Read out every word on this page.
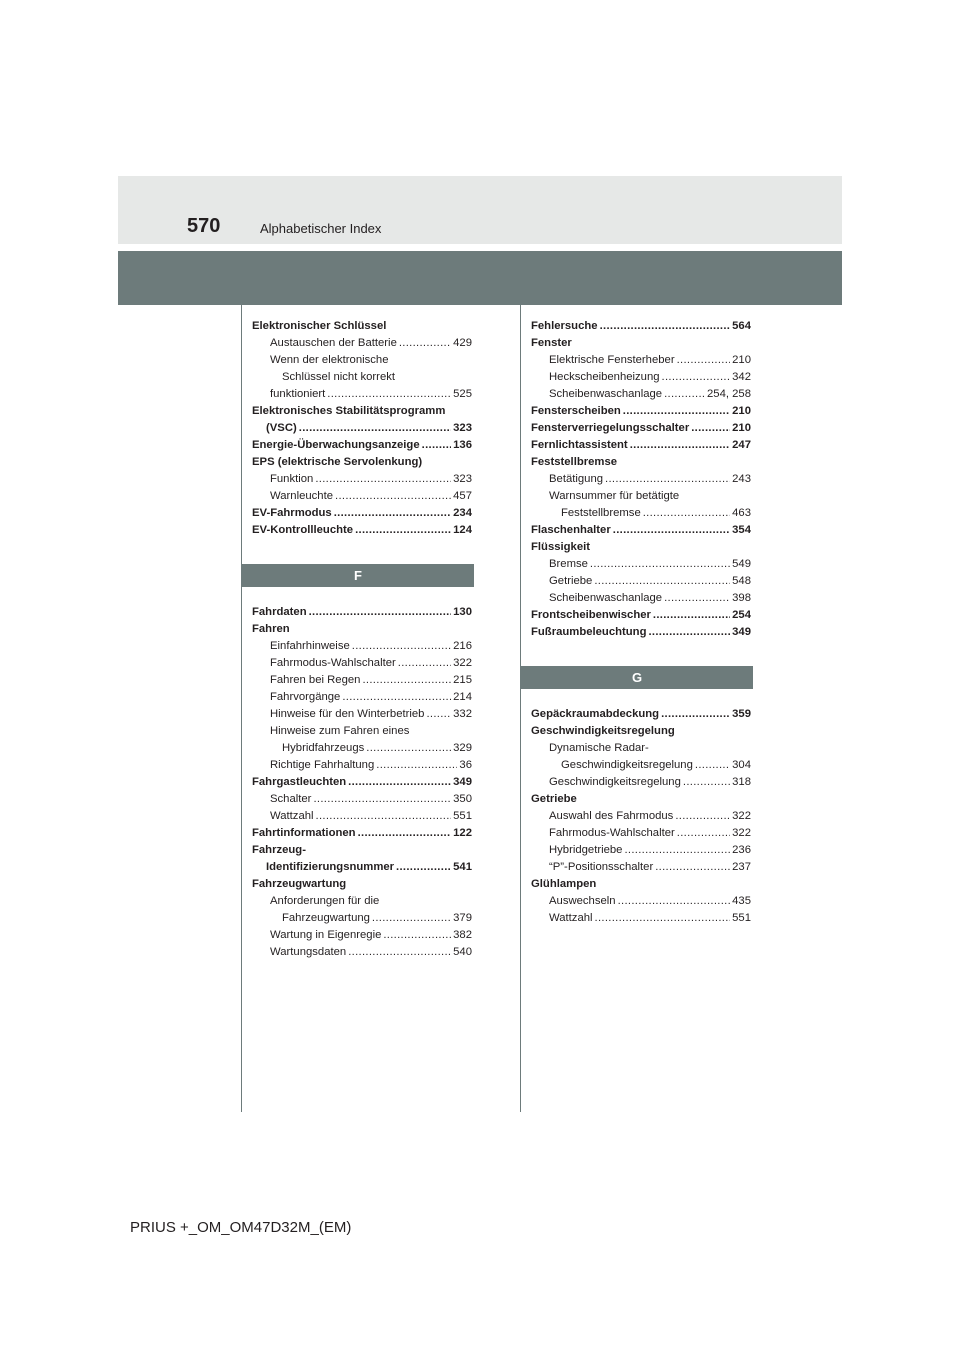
570	Alphabetischer Index
Elektronischer Schlüssel
Austauschen der Batterie .....	429
Wenn der elektronische
Schlüssel nicht korrekt
funktioniert .....	525
Elektronisches Stabilitätsprogramm
(VSC) .....	323
Energie-Überwachungsanzeige .....	136
EPS (elektrische Servolenkung)
Funktion .....	323
Warnleuchte .....	457
EV-Fahrmodus .....	234
EV-Kontrollleuchte .....	124
F
Fahrdaten .....	130
Fahren
Einfahrhinweise .....	216
Fahrmodus-Wahlschalter .....	322
Fahren bei Regen .....	215
Fahrvorgänge .....	214
Hinweise für den Winterbetrieb .....	332
Hinweise zum Fahren eines
Hybridfahrzeugs .....	329
Richtige Fahrhaltung .....	36
Fahrgastleuchten .....	349
Schalter .....	350
Wattzahl .....	551
Fahrtinformationen .....	122
Fahrzeug-
Identifizierungsnummer .....	541
Fahrzeugwartung
Anforderungen für die
Fahrzeugwartung .....	379
Wartung in Eigenregie .....	382
Wartungsdaten .....	540
Fehlersuche .....	564
Fenster
Elektrische Fensterheber .....	210
Heckscheibenheizung .....	342
Scheibenwaschanlage .....	254, 258
Fensterscheiben .....	210
Fensterverriegelungsschalter .....	210
Fernlichtassistent .....	247
Feststellbremse
Betätigung .....	243
Warnsummer für betätigte
Feststellbremse .....	463
Flaschenhalter .....	354
Flüssigkeit
Bremse .....	549
Getriebe .....	548
Scheibenwaschanlage .....	398
Frontscheibenwischer .....	254
Fußraumbeleuchtung .....	349
G
Gepäckraumabdeckung .....	359
Geschwindigkeitsregelung
Dynamische Radar-
Geschwindigkeitsregelung .....	304
Geschwindigkeitsregelung .....	318
Getriebe
Auswahl des Fahrmodus .....	322
Fahrmodus-Wahlschalter .....	322
Hybridgetriebe .....	236
“P”-Positionsschalter .....	237
Glühlampen
Auswechseln .....	435
Wattzahl .....	551
PRIUS +_OM_OM47D32M_(EM)
